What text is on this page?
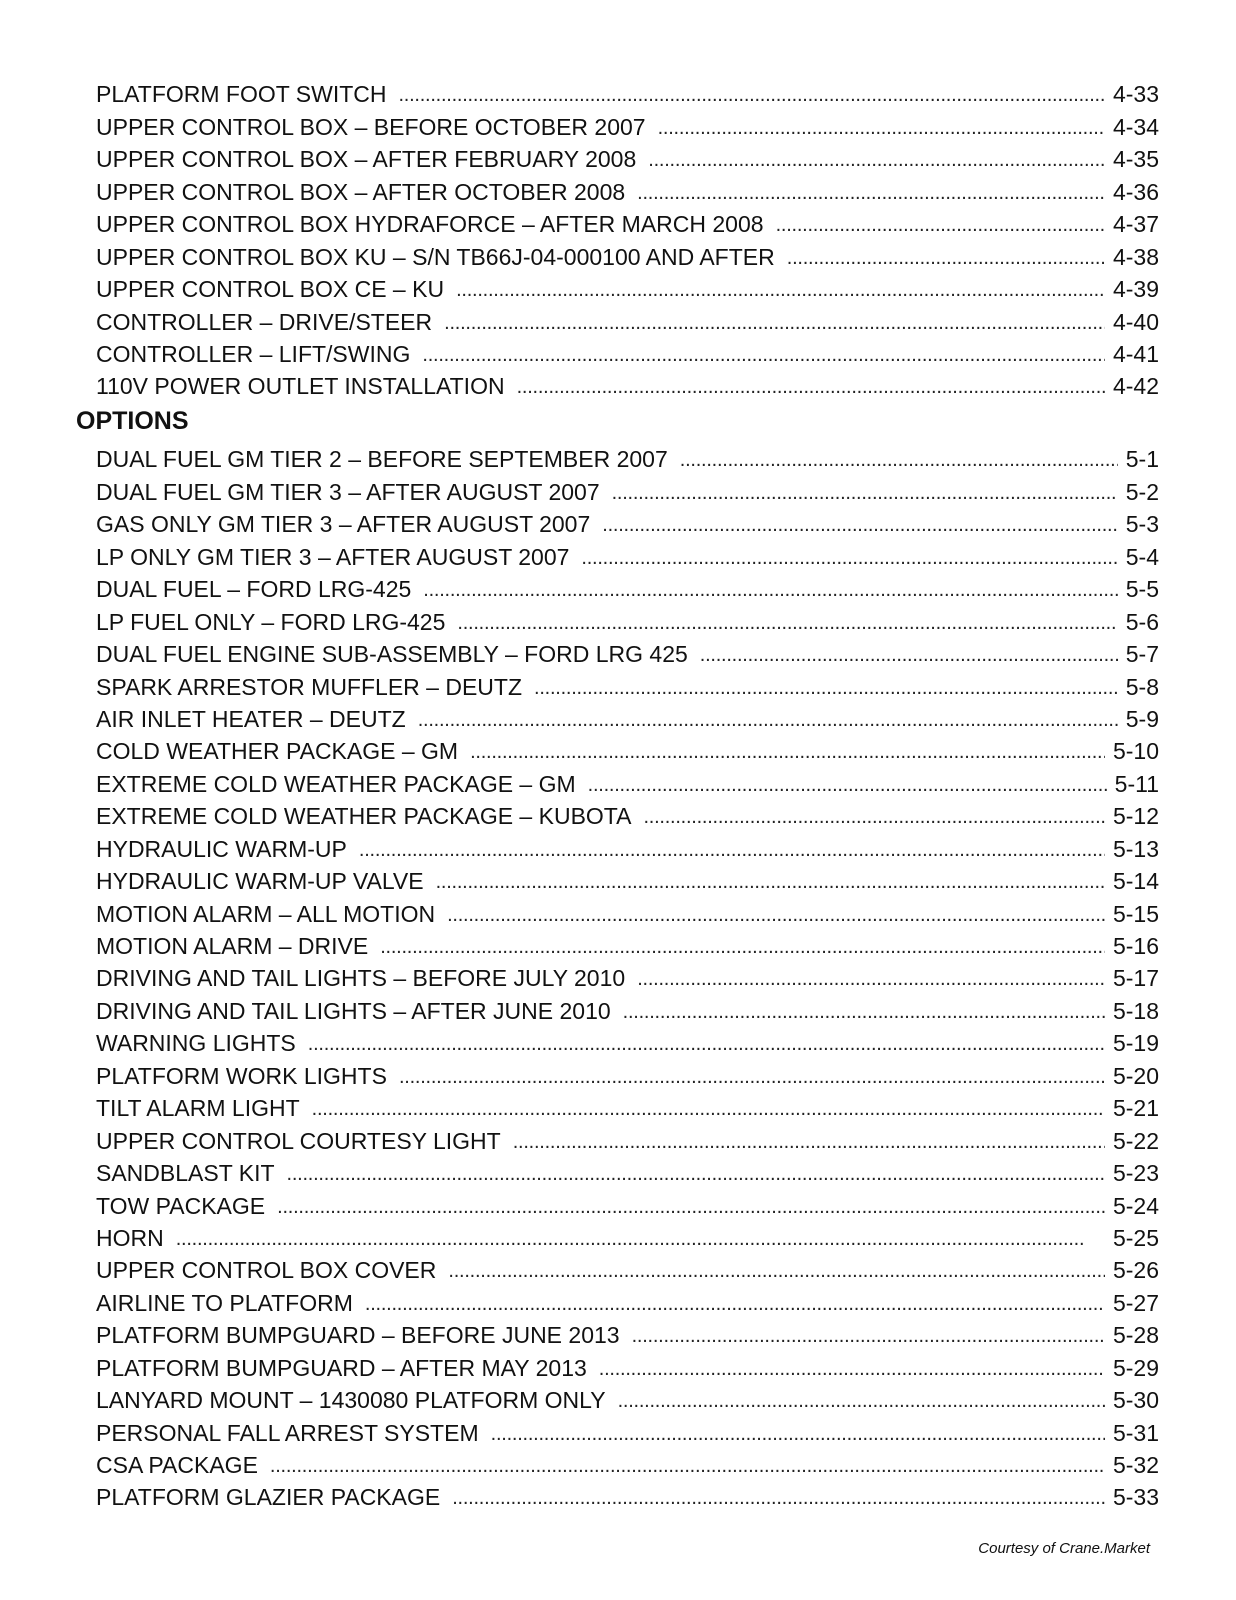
PLATFORM FOOT SWITCH . . .	4-33
UPPER CONTROL BOX – BEFORE OCTOBER 2007 . . .	4-34
UPPER CONTROL BOX – AFTER FEBRUARY 2008 . . .	4-35
UPPER CONTROL BOX – AFTER OCTOBER 2008 . . .	4-36
UPPER CONTROL BOX HYDRAFORCE – AFTER MARCH 2008 . . .	4-37
UPPER CONTROL BOX KU – S/N TB66J-04-000100 AND AFTER . . .	4-38
UPPER CONTROL BOX CE – KU . . .	4-39
CONTROLLER – DRIVE/STEER . . .	4-40
CONTROLLER – LIFT/SWING . . .	4-41
110V POWER OUTLET INSTALLATION . . .	4-42
OPTIONS
DUAL FUEL GM TIER 2 – BEFORE SEPTEMBER 2007 . . .	5-1
DUAL FUEL GM TIER 3 – AFTER AUGUST 2007 . . .	5-2
GAS ONLY GM TIER 3 – AFTER AUGUST 2007 . . .	5-3
LP ONLY GM TIER 3 – AFTER AUGUST 2007 . . .	5-4
DUAL FUEL – FORD LRG-425 . . .	5-5
LP FUEL ONLY – FORD LRG-425 . . .	5-6
DUAL FUEL ENGINE SUB-ASSEMBLY – FORD LRG 425 . . .	5-7
SPARK ARRESTOR MUFFLER – DEUTZ . . .	5-8
AIR INLET HEATER – DEUTZ . . .	5-9
COLD WEATHER PACKAGE – GM . . .	5-10
EXTREME COLD WEATHER PACKAGE – GM . . .	5-11
EXTREME COLD WEATHER PACKAGE – KUBOTA . . .	5-12
HYDRAULIC WARM-UP . . .	5-13
HYDRAULIC WARM-UP VALVE . . .	5-14
MOTION ALARM – ALL MOTION . . .	5-15
MOTION ALARM – DRIVE . . .	5-16
DRIVING AND TAIL LIGHTS – BEFORE JULY 2010 . . .	5-17
DRIVING AND TAIL LIGHTS – AFTER JUNE 2010 . . .	5-18
WARNING LIGHTS . . .	5-19
PLATFORM WORK LIGHTS . . .	5-20
TILT ALARM LIGHT . . .	5-21
UPPER CONTROL COURTESY LIGHT . . .	5-22
SANDBLAST KIT . . .	5-23
TOW PACKAGE . . .	5-24
HORN . . .	5-25
UPPER CONTROL BOX COVER . . .	5-26
AIRLINE TO PLATFORM . . .	5-27
PLATFORM BUMPGUARD – BEFORE JUNE 2013 . . .	5-28
PLATFORM BUMPGUARD – AFTER MAY 2013 . . .	5-29
LANYARD MOUNT – 1430080 PLATFORM ONLY . . .	5-30
PERSONAL FALL ARREST SYSTEM . . .	5-31
CSA PACKAGE . . .	5-32
PLATFORM GLAZIER PACKAGE . . .	5-33
Courtesy of Crane.Market
